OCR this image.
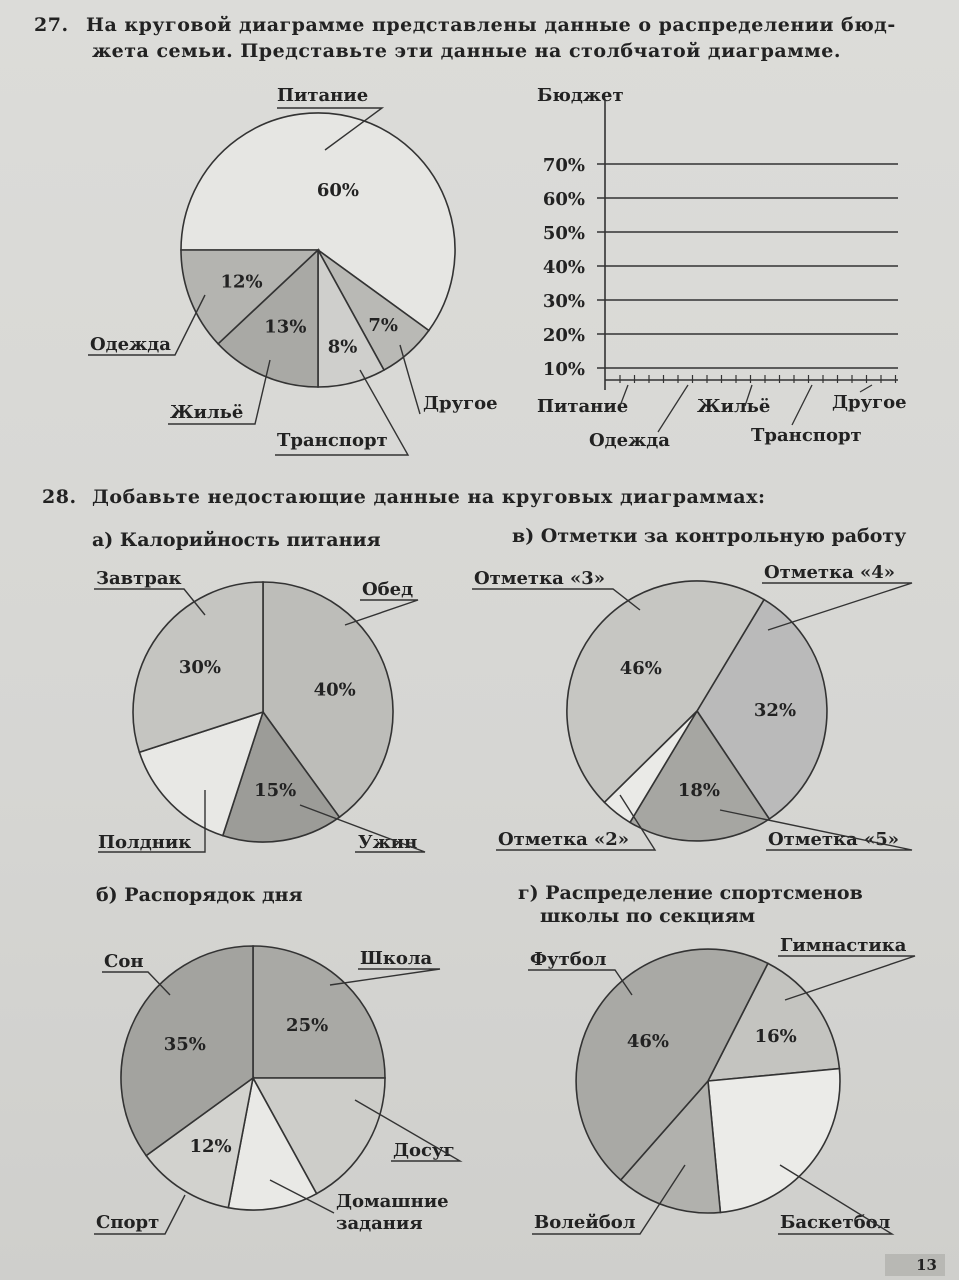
27. На круговой диаграмме представлены данные о распределении бюд-
жета семьи. Представьте эти данные на столбчатой диаграмме.
60%
Питание
7%
Другое
8%
Транспорт
13%
Жильё
12%
Одежда
Бюджет
10%
20%
30%
40%
50%
60%
70%
Питание
Одежда
Жильё
Транспорт
Другое
40%
Обед
15%
Ужин
Полдник
30%
Завтрак
32%
Отметка «4»
18%
Отметка «5»
Отметка «2»
46%
Отметка «3»
25%
Школа
Досуг
Домашние задания
12%
Спорт
35%
Сон
16%
Гимнастика
Баскетбол
Волейбол
46%
Футбол
28. Добавьте недостающие данные на круговых диаграммах:
а) Калорийность питания	в) Отметки за контрольную работу
б) Распорядок дня	г) Распределение спортсменов
школы по секциям
13
